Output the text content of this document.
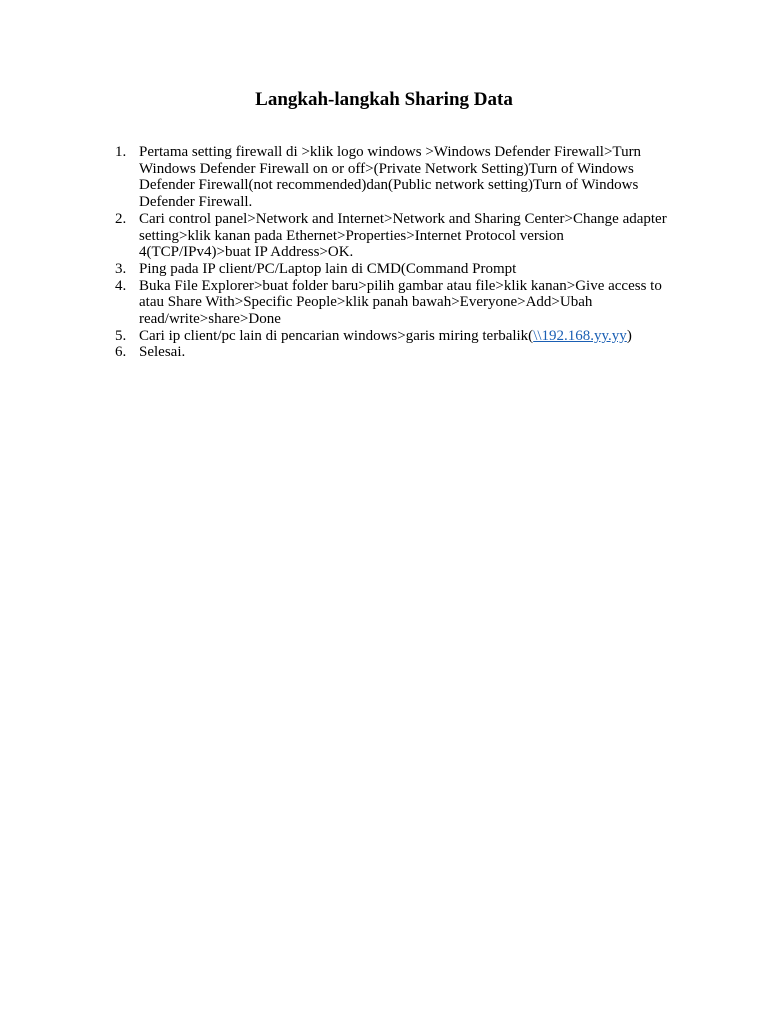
Langkah-langkah Sharing Data
1. Pertama setting firewall di >klik logo windows >Windows Defender Firewall>Turn Windows Defender Firewall on or off>(Private Network Setting)Turn of Windows Defender Firewall(not recommended)dan(Public network setting)Turn of Windows Defender Firewall.
2. Cari control panel>Network and Internet>Network and Sharing Center>Change adapter setting>klik kanan pada Ethernet>Properties>Internet Protocol version 4(TCP/IPv4)>buat IP Address>OK.
3. Ping pada IP client/PC/Laptop lain di CMD(Command Prompt
4. Buka File Explorer>buat folder baru>pilih gambar atau file>klik kanan>Give access to atau Share With>Specific People>klik panah bawah>Everyone>Add>Ubah read/write>share>Done
5. Cari ip client/pc lain di pencarian windows>garis miring terbalik(\\192.168.yy.yy)
6. Selesai.
